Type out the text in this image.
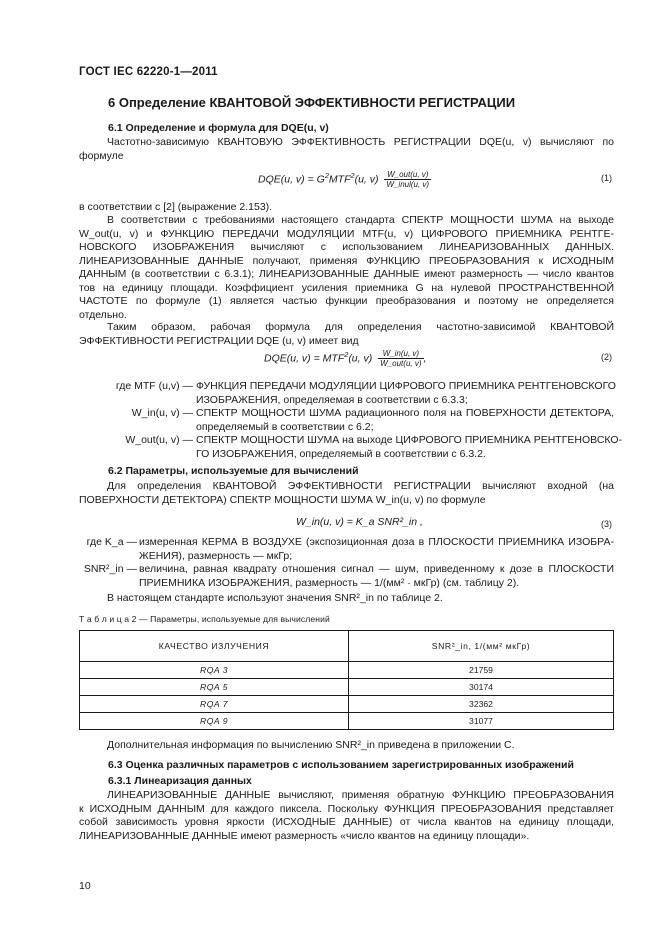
ГОСТ IEC 62220-1—2011
6 Определение КВАНТОВОЙ ЭФФЕКТИВНОСТИ РЕГИСТРАЦИИ
6.1 Определение и формула для DQE(u, v)
Частотно-зависимую КВАНТОВУЮ ЭФФЕКТИВНОСТЬ РЕГИСТРАЦИИ DQE(u, v) вычисляют по
формуле
DQE(u, $v) = G^2MTF^2(u$, $v) \frac{\text{W\_out(u, v)}}{\text{W\_inul(u, v)}}$	(1)
в соответствии с [2] (выражение 2.153).
В соответствии с требованиями настоящего стандарта СПЕКТР МОЩНОСТИ ШУМА на выходе
W_out(u, v) и ФУНКЦИЮ ПЕРЕДАЧИ МОДУЛЯЦИИ MTF(u, v) ЦИФРОВОГО ПРИЕМНИКА РЕНТГЕ-
НОВСКОГО ИЗОБРАЖЕНИЯ вычисляют с использованием ЛИНЕАРИЗОВАННЫХ ДАННЫХ.
ЛИНЕАРИЗОВАННЫЕ ДАННЫЕ получают, применяя ФУНКЦИЮ ПРЕОБРАЗОВАНИЯ к ИСХОДНЫМ
ДАННЫМ (в соответствии с 6.3.1); ЛИНЕАРИЗОВАННЫЕ ДАННЫЕ имеют размерность — число квантов
тов на единицу площади. Коэффициент усиления приемника G на нулевой ПРОСТРАНСТВЕННОЙ
ЧАСТОТЕ по формуле (1) является частью функции преобразования и поэтому не определяется
отдельно.
Таким образом, рабочая формула для определения частотно-зависимой КВАНТОВОЙ
ЭФФЕКТИВНОСТИ РЕГИСТРАЦИИ DQE (u, v) имеет вид
DQE(u, $v) = MTF^2(u$, $v) \frac{W\_in(u, v)}{\text{W\_out(u, v)}}$ ,	(2)
где MTF (u,v) — ФУНКЦИЯ ПЕРЕДАЧИ МОДУЛЯЦИИ ЦИФРОВОГО ПРИЕМНИКА РЕНТГЕНОВСКОГО
ИЗОБРАЖЕНИЯ, определяемая в соответствии с 6.3.3;
W_in(u, v) — СПЕКТР МОЩНОСТИ ШУМА радиационного поля на ПОВЕРХНОСТИ ДЕТЕКТОРА,
определяемый в соответствии с 6.2;
W_out(u, v) — СПЕКТР МОЩНОСТИ ШУМА на выходе ЦИФРОВОГО ПРИЕМНИКА РЕНТГЕНОВСКО-
ГО ИЗОБРАЖЕНИЯ, определяемый в соответствии с 6.3.2.
6.2 Параметры, используемые для вычислений
Для определения КВАНТОВОЙ ЭФФЕКТИВНОСТИ РЕГИСТРАЦИИ вычисляют входной (на
ПОВЕРХНОСТИ ДЕТЕКТОРА) СПЕКТР МОЩНОСТИ ШУМА W_in(u, v) по формуле
W_in(u, v) = K_a SNR²_in ,	(3)
где K_a — измеренная КЕРМА В ВОЗДУХЕ (экспозиционная доза в ПЛОСКОСТИ ПРИЕМНИКА ИЗОБРА-
ЖЕНИЯ), размерность — мкГр;
SNR²_in — величина, равная квадрату отношения сигнал — шум, приведенному к дозе в ПЛОСКОСТИ
ПРИЕМНИКА ИЗОБРАЖЕНИЯ, размерность — 1/(мм² · мкГр) (см. таблицу 2).
В настоящем стандарте используют значения SNR²_in по таблице 2.
Т а б л и ц а 2 — Параметры, используемые для вычислений
КАЧЕСТВО ИЗЛУЧЕНИЯ	SNR²_in, 1/(мм² мкГр)
RQA 3	21759
RQA 5	30174
RQA 7	32362
RQA 9	31077
Дополнительная информация по вычислению SNR²_in приведена в приложении С.
6.3 Оценка различных параметров с использованием зарегистрированных изображений
6.3.1 Линеаризация данных
ЛИНЕАРИЗОВАННЫЕ ДАННЫЕ вычисляют, применяя обратную ФУНКЦИЮ ПРЕОБРАЗОВАНИЯ
к ИСХОДНЫМ ДАННЫМ для каждого пиксела. Поскольку ФУНКЦИЯ ПРЕОБРАЗОВАНИЯ представляет
собой зависимость уровня яркости (ИСХОДНЫЕ ДАННЫЕ) от числа квантов на единицу площади,
ЛИНЕАРИЗОВАННЫЕ ДАННЫЕ имеют размерность «число квантов на единицу площади».
10
